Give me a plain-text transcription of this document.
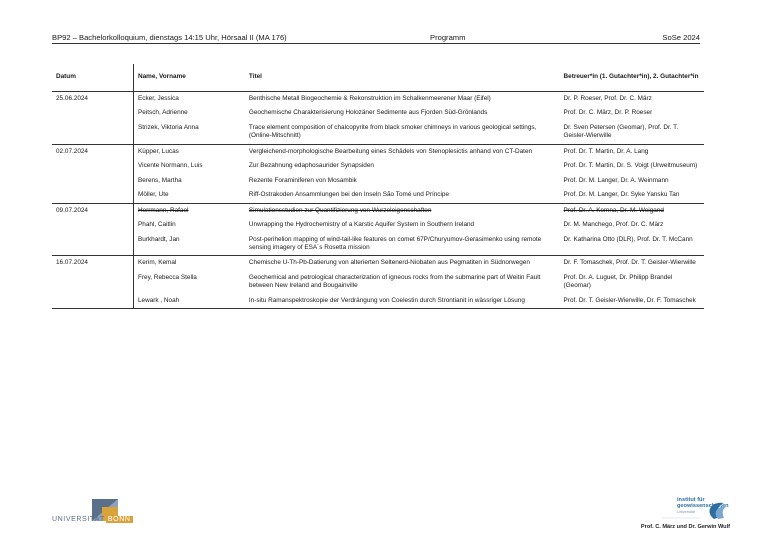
BP92 – Bachelorkolloquium, dienstags 14:15 Uhr, Hörsaal II (MA 176)	Programm	SoSe 2024
Datum	Name, Vorname	Titel	Betreuer*in (1. Gutachter*in), 2. Gutachter*in
25.06.2024	Ecker, Jessica	Benthische Metall Biogeochemie & Rekonstruktion im Schalkenmeerener Maar (Eifel)	Dr. P. Roeser, Prof. Dr. C. März
	Peitsch, Adrienne	Geochemische Charakterisierung Holozäner Sedimente aus Fjorden Süd-Grönlands	Prof. Dr. C. März, Dr. P. Roeser
	Strizek, Viktoria Anna	Trace element composition of chalcopyrite from black smoker chimneys in various geological settings, (Online-Mitschnitt)	Dr. Sven Petersen (Geomar), Prof. Dr. T. Geisler-Wierwille
02.07.2024	Küpper, Lucas	Vergleichend-morphologische Bearbeitung eines Schädels von Stenoplesictis anhand von CT-Daten	Prof. Dr. T. Martin, Dr. A. Lang
	Vicente Normann, Luis	Zur Bezahnung edaphosaurider Synapsiden	Prof. Dr. T. Martin, Dr. S. Voigt (Urweltmuseum)
	Berens, Martha	Rezente Foraminiferen von Mosambik	Prof. Dr. M. Langer, Dr. A. Weinmann
	Möller, Ute	Riff-Ostrakoden Ansammlungen bei den Inseln São Tomé und Príncipe	Prof. Dr. M. Langer, Dr. Syke Yansku Tan
09.07.2024	Herrmann, Rafael	Simulationsstudien zur Quantifizierung von Wurzeleigenschaften	Prof. Dr. A. Kemna, Dr. M. Weigand
	Phahl, Caitlin	Unwrapping the Hydrochemistry of a Karstic Aquifer System in Southern Ireland	Dr. M. Manchego, Prof. Dr. C. März
	Burkhardt, Jan	Post-perihelion mapping of wind-tail-like features on comet 67P/Churyumov-Gerasimenko using remote sensing imagery of ESA´s Rosetta mission	Dr. Katharina Otto (DLR), Prof. Dr. T. McCann
16.07.2024	Kerim, Kemal	Chemische U-Th-Pb-Datierung von alterierten Seltenerd-Niobaten aus Pegmatiten in Südnorwegen	Dr. F. Tomaschek, Prof. Dr. T. Geisler-Wierwille
	Frey, Rebecca Stella	Geochemical and petrological characterization of igneous rocks from the submarine part of Weitin Fault between New Ireland and Bougainville	Prof. Dr. A. Luguet, Dr. Philipp Brandel (Geomar)
	Lewark , Noah	In-situ Ramanspektroskopie der Verdrängung von Coelestin durch Strontianit in wässriger Lösung	Prof. Dr. T. Geisler-Wierwille, Dr. F. Tomaschek
UNIVERSITÄT BONN
institut für
geowissenschaften
Universität
Prof. C. März und Dr. Gerwin Wulf
